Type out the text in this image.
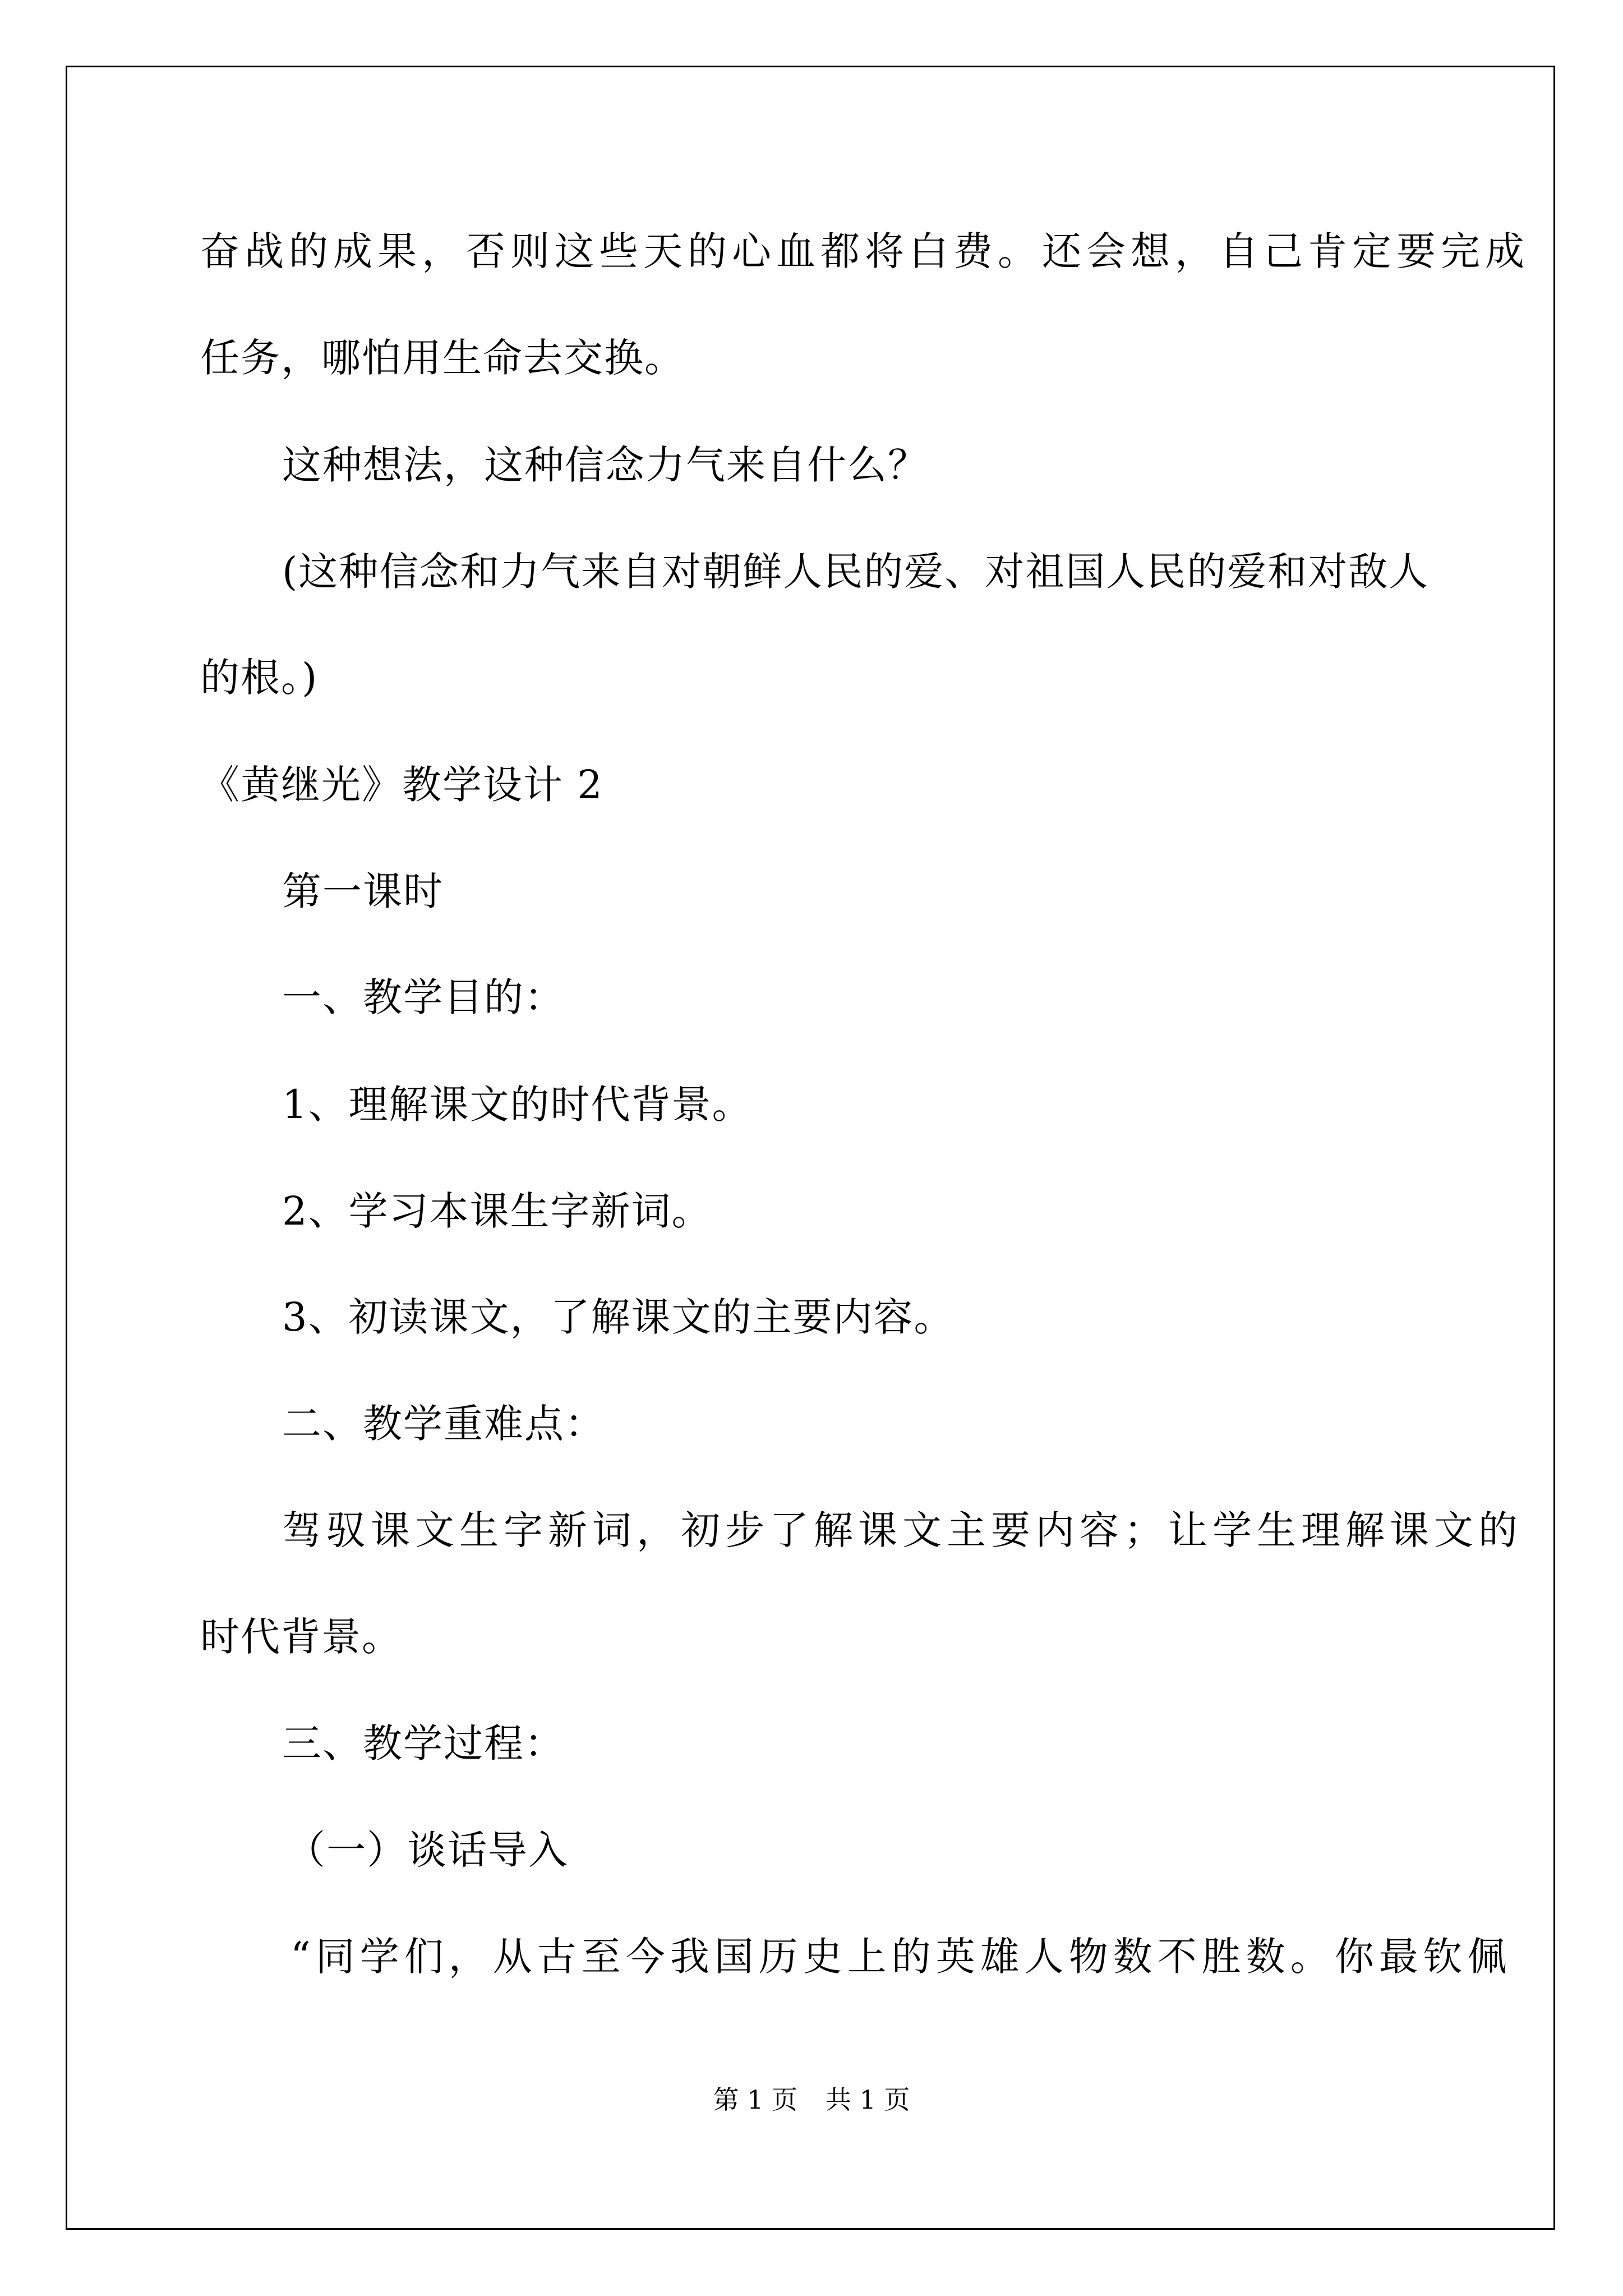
奋战的成果，否则这些天的心血都将白费。还会想，自己肯定要完成
任务，哪怕用生命去交换。
这种想法，这种信念力气来自什么？
(这种信念和力气来自对朝鲜人民的爱、对祖国人民的爱和对敌人
的根。)
《黄继光》教学设计 2
第一课时
一、教学目的：
1、理解课文的时代背景。
2、学习本课生字新词。
3、初读课文，了解课文的主要内容。
二、教学重难点：
驾驭课文生字新词，初步了解课文主要内容；让学生理解课文的
时代背景。
三、教学过程：
（一）谈话导入
“同学们，从古至今我国历史上的英雄人物数不胜数。你最钦佩
第 1 页 共 1 页
